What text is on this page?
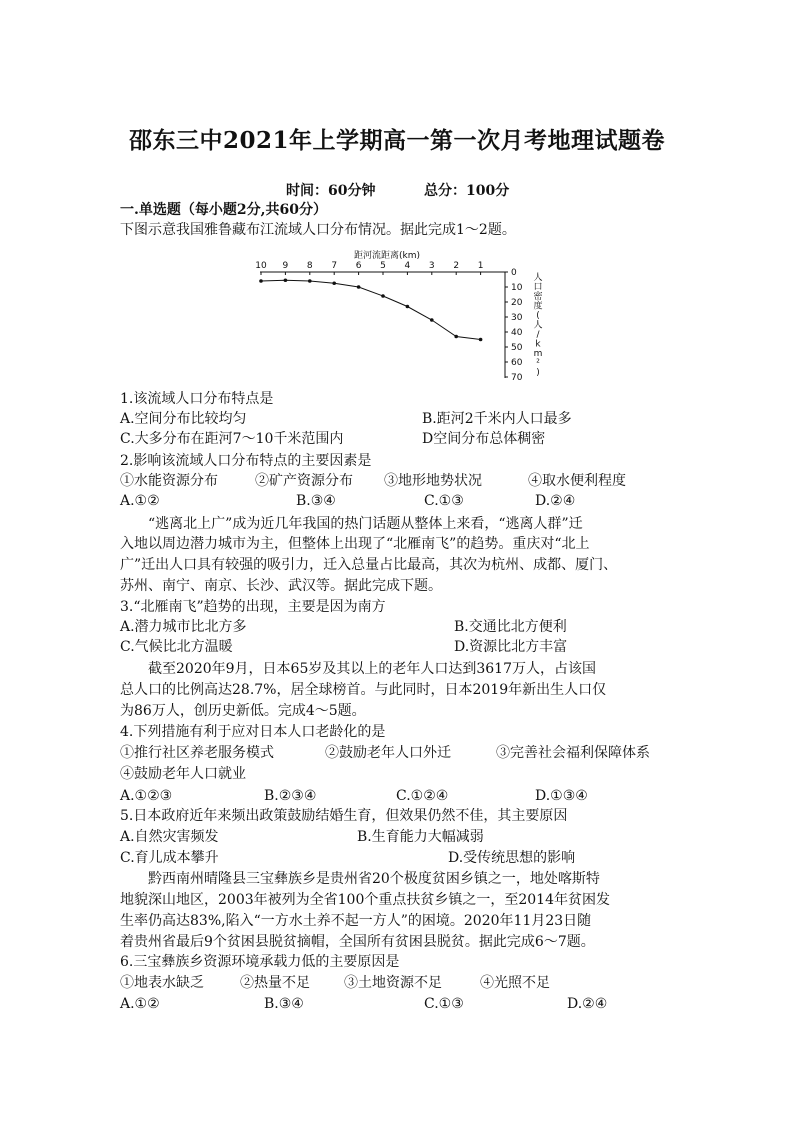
邵东三中2021年上学期高一第一次月考地理试题卷
时间：60分钟	总分：100分
一.单选题（每小题2分,共60分）
下图示意我国雅鲁藏布江流域人口分布情况。据此完成1～2题。
距河流距离(km)
10 9 8 7 6 5 4 3 2 1
0
10
20
30
40
50
60
70
人
口
密
度
(
人
/
k
m
²
)
1.该流域人口分布特点是
A.空间分布比较均匀	B.距河2千米内人口最多
C.大多分布在距河7～10千米范围内	D空间分布总体稠密
2.影响该流域人口分布特点的主要因素是
①水能资源分布	②矿产资源分布 ③地形地势状况	④取水便利程度
A.①②	B.③④	C.①③	D.②④
“逃离北上广”成为近几年我国的热门话题从整体上来看，“逃离人群”迁
入地以周边潜力城市为主，但整体上出现了“北雁南飞”的趋势。重庆对“北上
广”迁出人口具有较强的吸引力，迁入总量占比最高，其次为杭州、成都、厦门、
苏州、南宁、南京、长沙、武汉等。据此完成下题。
3.“北雁南飞”趋势的出现，主要是因为南方
A.潜力城市比北方多	B.交通比北方便利
C.气候比北方温暖	D.资源比北方丰富
截至2020年9月，日本65岁及其以上的老年人口达到3617万人，占该国
总人口的比例高达28.7%，居全球榜首。与此同时，日本2019年新出生人口仅
为86万人，创历史新低。完成4～5题。
4.下列措施有利于应对日本人口老龄化的是
①推行社区养老服务模式	②鼓励老年人口外迁	③完善社会福利保障体系
④鼓励老年人口就业
A.①②③	B.②③④	C.①②④	D.①③④
5.日本政府近年来频出政策鼓励结婚生育，但效果仍然不佳，其主要原因
A.自然灾害频发	B.生育能力大幅减弱
C.育儿成本攀升	D.受传统思想的影响
黔西南州晴隆县三宝彝族乡是贵州省20个极度贫困乡镇之一，地处喀斯特
地貌深山地区，2003年被列为全省100个重点扶贫乡镇之一，至2014年贫困发
生率仍高达83%,陷入“一方水土养不起一方人”的困境。2020年11月23日随
着贵州省最后9个贫困县脱贫摘帽，全国所有贫困县脱贫。据此完成6～7题。
6.三宝彝族乡资源环境承载力低的主要原因是
①地表水缺乏	②热量不足 ③土地资源不足	④光照不足
A.①②	B.③④	C.①③	D.②④
